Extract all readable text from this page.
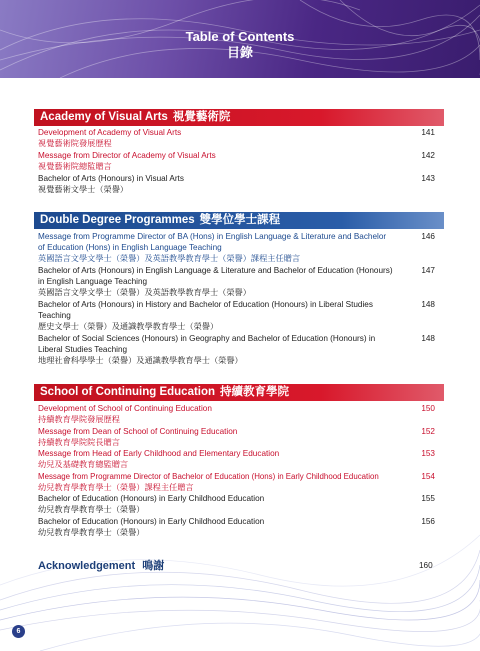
Table of Contents
目錄
Academy of Visual Arts 視覺藝術院
Development of Academy of Visual Arts
視覺藝術院發展歷程
141
Message from Director of Academy of Visual Arts
視覺藝術院總監贈言
142
Bachelor of Arts (Honours) in Visual Arts
視覺藝術文學士（榮譽）
143
Double Degree Programmes 雙學位學士課程
Message from Programme Director of BA (Hons) in English Language & Literature and Bachelor of Education (Hons) in English Language Teaching
英國語言文學文學士（榮譽）及英語教學教育學士（榮譽）課程主任贈言
146
Bachelor of Arts (Honours) in English Language & Literature and Bachelor of Education (Honours) in English Language Teaching
英國語言文學文學士（榮譽）及英語教學教育學士（榮譽）
147
Bachelor of Arts (Honours) in History and Bachelor of Education (Honours) in Liberal Studies Teaching
歷史文學士（榮譽）及通識教學教育學士（榮譽）
148
Bachelor of Social Sciences (Honours) in Geography and Bachelor of Education (Honours) in Liberal Studies Teaching
地理社會科學學士（榮譽）及通識教學教育學士（榮譽）
148
School of Continuing Education 持續教育學院
Development of School of Continuing Education
持續教育學院發展歷程
150
Message from Dean of School of Continuing Education
持續教育學院院長贈言
152
Message from Head of Early Childhood and Elementary Education
幼兒及基礎教育總監贈言
153
Message from Programme Director of Bachelor of Education (Hons) in Early Childhood Education
幼兒教育學教育學士（榮譽）課程主任贈言
154
Bachelor of Education (Honours) in Early Childhood Education
幼兒教育學教育學士（榮譽）
155
Bachelor of Education (Honours) in Early Childhood Education
幼兒教育學教育學士（榮譽）
156
Acknowledgement 鳴謝	160
6
